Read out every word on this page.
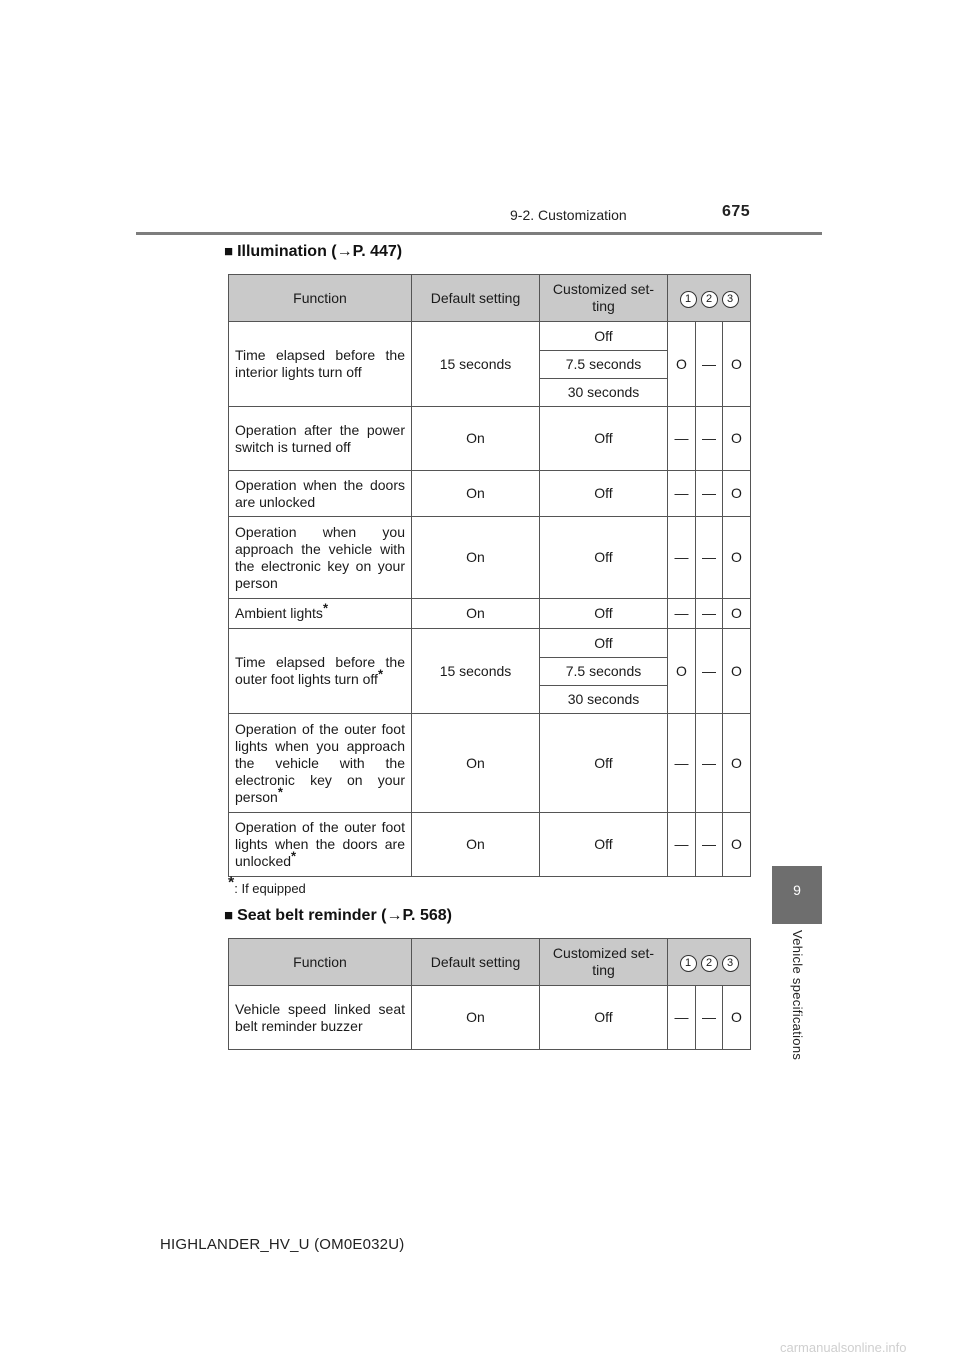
9-2. Customization	675
9
Vehicle specifications
■ Illumination (→P. 447)
Function	Default setting	Customized set-ting	1 2 3		
Time elapsed before the interior lights turn off	15 seconds	Off	O	—	O
		7.5 seconds			
		30 seconds			
Operation after the power switch is turned off	On	Off	—	—	O
Operation when the doors are unlocked	On	Off	—	—	O
Operation when you approach the vehicle with the electronic key on your person	On	Off	—	—	O
Ambient lights*	On	Off	—	—	O
Time elapsed before the outer foot lights turn off*	15 seconds	Off	O	—	O
		7.5 seconds			
		30 seconds			
Operation of the outer foot lights when you approach the vehicle with the electronic key on your person*	On	Off	—	—	O
Operation of the outer foot lights when the doors are unlocked*	On	Off	—	—	O
*: If equipped
■ Seat belt reminder (→P. 568)
Function	Default setting	Customized set-ting	1 2 3		
Vehicle speed linked seat belt reminder buzzer	On	Off	—	—	O
HIGHLANDER_HV_U (OM0E032U)
carmanualsonline.info
